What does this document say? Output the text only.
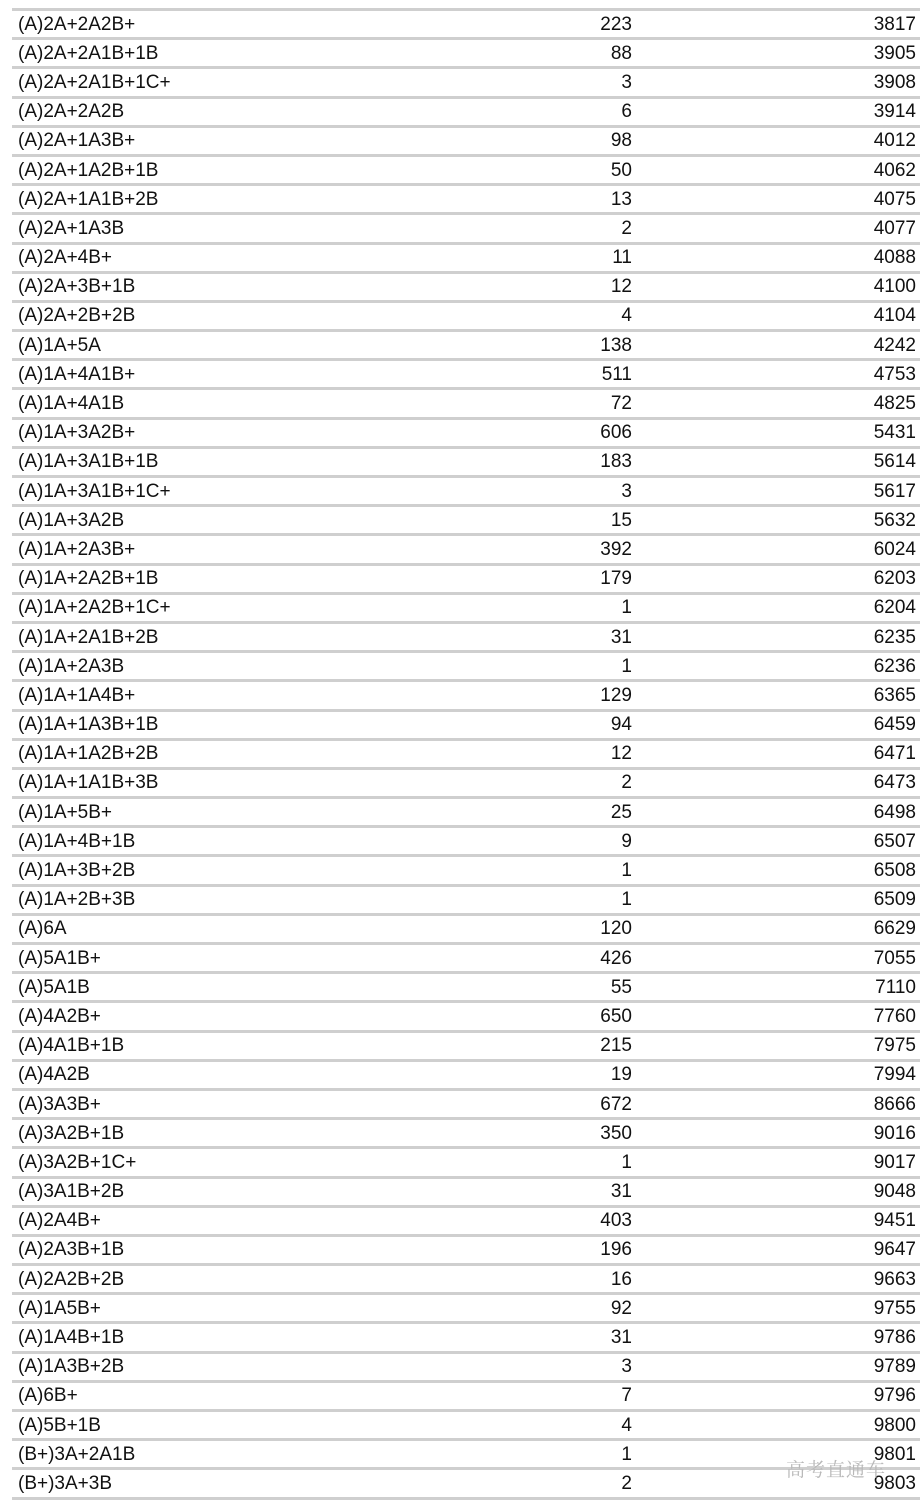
(A)2A+2A2B+	223	3817
(A)2A+2A1B+1B	88	3905
(A)2A+2A1B+1C+	3	3908
(A)2A+2A2B	6	3914
(A)2A+1A3B+	98	4012
(A)2A+1A2B+1B	50	4062
(A)2A+1A1B+2B	13	4075
(A)2A+1A3B	2	4077
(A)2A+4B+	11	4088
(A)2A+3B+1B	12	4100
(A)2A+2B+2B	4	4104
(A)1A+5A	138	4242
(A)1A+4A1B+	511	4753
(A)1A+4A1B	72	4825
(A)1A+3A2B+	606	5431
(A)1A+3A1B+1B	183	5614
(A)1A+3A1B+1C+	3	5617
(A)1A+3A2B	15	5632
(A)1A+2A3B+	392	6024
(A)1A+2A2B+1B	179	6203
(A)1A+2A2B+1C+	1	6204
(A)1A+2A1B+2B	31	6235
(A)1A+2A3B	1	6236
(A)1A+1A4B+	129	6365
(A)1A+1A3B+1B	94	6459
(A)1A+1A2B+2B	12	6471
(A)1A+1A1B+3B	2	6473
(A)1A+5B+	25	6498
(A)1A+4B+1B	9	6507
(A)1A+3B+2B	1	6508
(A)1A+2B+3B	1	6509
(A)6A	120	6629
(A)5A1B+	426	7055
(A)5A1B	55	7110
(A)4A2B+	650	7760
(A)4A1B+1B	215	7975
(A)4A2B	19	7994
(A)3A3B+	672	8666
(A)3A2B+1B	350	9016
(A)3A2B+1C+	1	9017
(A)3A1B+2B	31	9048
(A)2A4B+	403	9451
(A)2A3B+1B	196	9647
(A)2A2B+2B	16	9663
(A)1A5B+	92	9755
(A)1A4B+1B	31	9786
(A)1A3B+2B	3	9789
(A)6B+	7	9796
(A)5B+1B	4	9800
(B+)3A+2A1B	1	9801
(B+)3A+3B	2	9803
高考直通车
